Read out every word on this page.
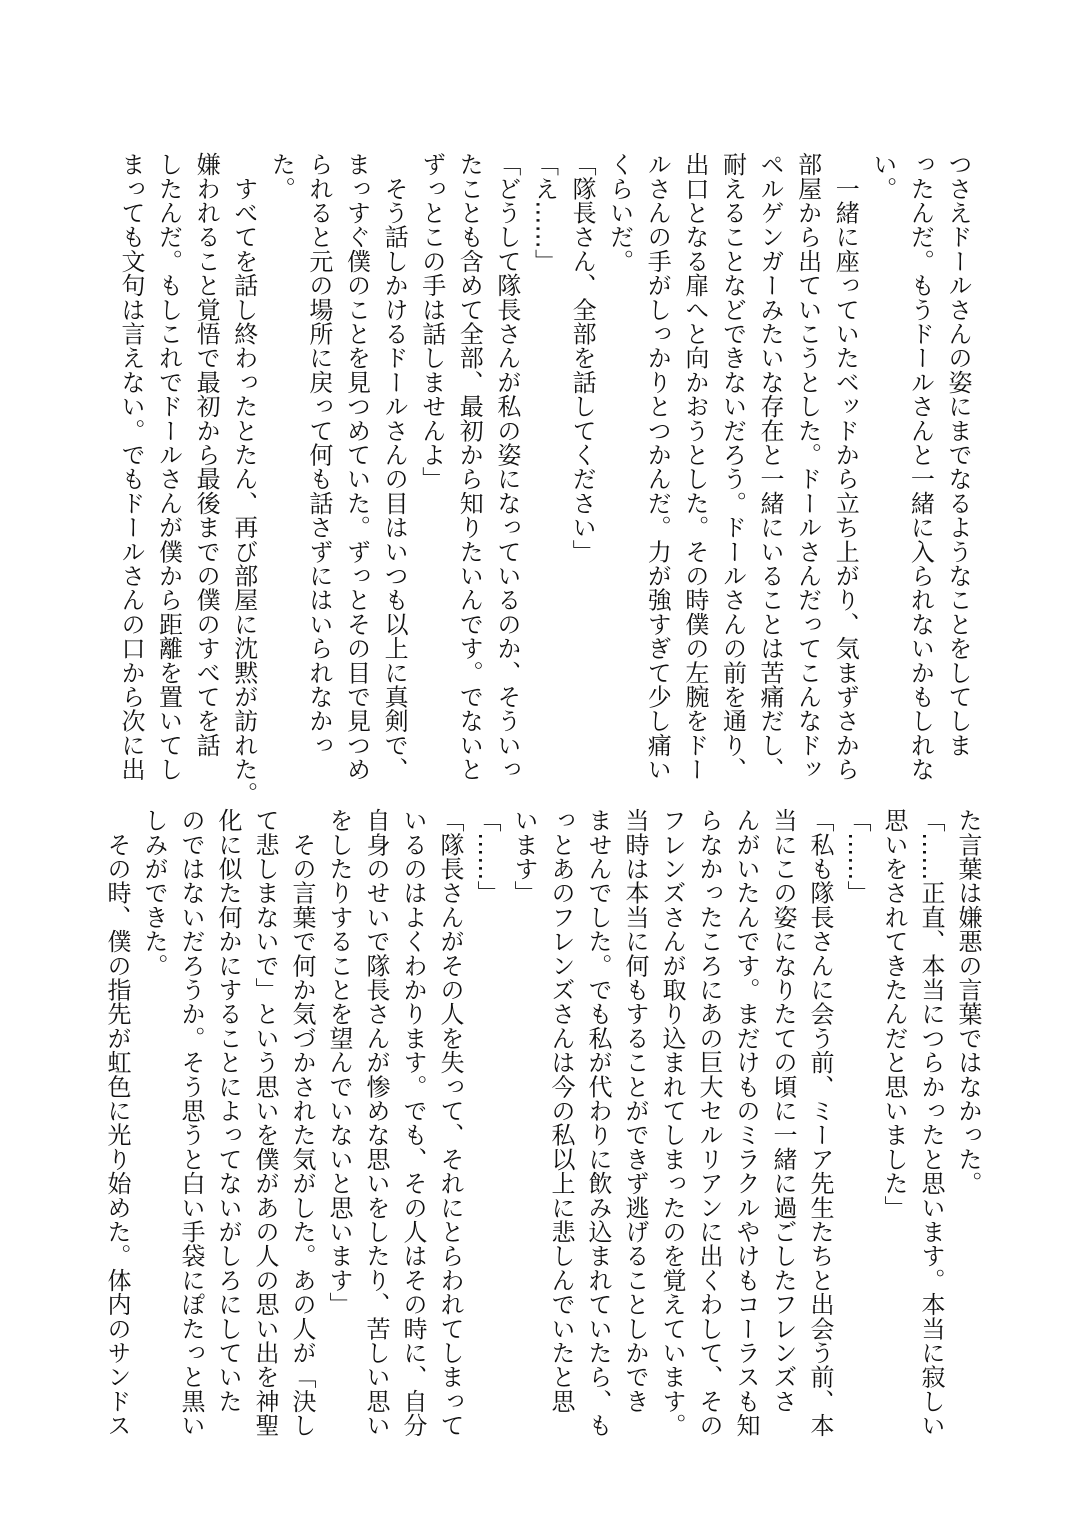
つさえドールさんの姿にまでなるようなことをしてしま
ったんだ。もうドールさんと一緒に入られないかもしれな
い。
　一緒に座っていたベッドから立ち上がり、気まずさから
部屋から出ていこうとした。ドールさんだってこんなドッ
ペルゲンガーみたいな存在と一緒にいることは苦痛だし、
耐えることなどできないだろう。ドールさんの前を通り、
出口となる扉へと向かおうとした。その時僕の左腕をドー
ルさんの手がしっかりとつかんだ。力が強すぎて少し痛い
くらいだ。
「隊長さん、全部を話してください」
「え……」
「どうして隊長さんが私の姿になっているのか、そういっ
たことも含めて全部、最初から知りたいんです。でないと
ずっとこの手は話しませんよ」
　そう話しかけるドールさんの目はいつも以上に真剣で、
まっすぐ僕のことを見つめていた。ずっとその目で見つめ
られると元の場所に戻って何も話さずにはいられなかっ
た。
　すべてを話し終わったとたん、再び部屋に沈黙が訪れた。
嫌われること覚悟で最初から最後までの僕のすべてを話
したんだ。もしこれでドールさんが僕から距離を置いてし
まっても文句は言えない。でもドールさんの口から次に出
た言葉は嫌悪の言葉ではなかった。
「……正直、本当につらかったと思います。本当に寂しい
思いをされてきたんだと思いました」
「……」
「私も隊長さんに会う前、ミーア先生たちと出会う前、本
当にこの姿になりたての頃に一緒に過ごしたフレンズさ
んがいたんです。まだけものミラクルやけもコーラスも知
らなかったころにあの巨大セルリアンに出くわして、その
フレンズさんが取り込まれてしまったのを覚えています。
当時は本当に何もすることができず逃げることしかでき
ませんでした。でも私が代わりに飲み込まれていたら、も
っとあのフレンズさんは今の私以上に悲しんでいたと思
います」
「……」
「隊長さんがその人を失って、それにとらわれてしまって
いるのはよくわかります。でも、その人はその時に、自分
自身のせいで隊長さんが惨めな思いをしたり、苦しい思い
をしたりすることを望んでいないと思います」
　その言葉で何か気づかされた気がした。あの人が「決し
て悲しまないで」という思いを僕があの人の思い出を神聖
化に似た何かにすることによってないがしろにしていた
のではないだろうか。そう思うと白い手袋にぽたっと黒い
しみができた。
　その時、僕の指先が虹色に光り始めた。体内のサンドス
